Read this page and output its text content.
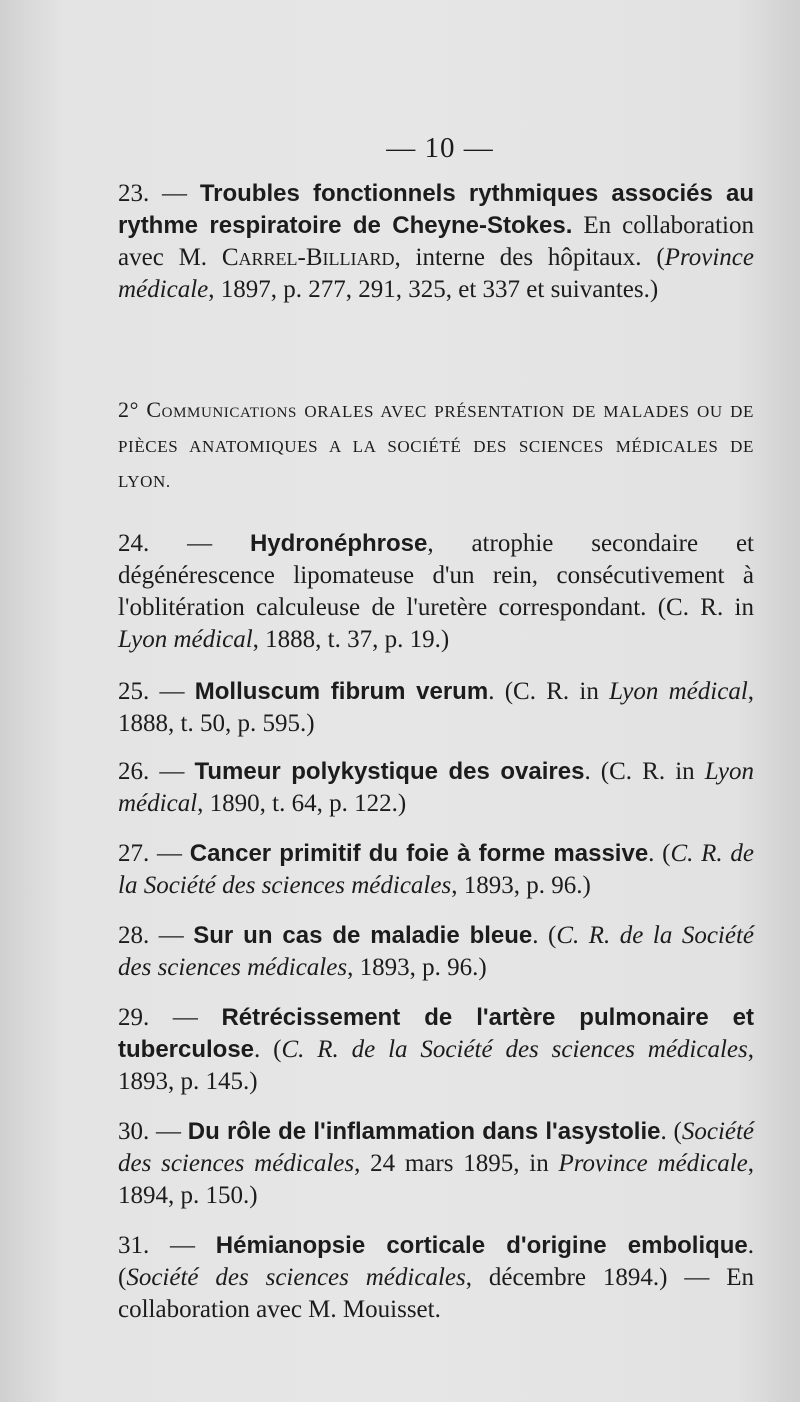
— 10 —
23. — Troubles fonctionnels rythmiques associés au rythme respiratoire de Cheyne-Stokes. En collaboration avec M. Carrel-Billiard, interne des hôpitaux. (Province médicale, 1897, p. 277, 291, 325, et 337 et suivantes.)
2° Communications ORALES AVEC PRÉSENTATION DE MALADES OU DE PIÈCES ANATOMIQUES A LA SOCIÉTÉ DES SCIENCES MÉDICALES DE LYON.
24. — Hydronéphrose, atrophie secondaire et dégénérescence lipomateuse d'un rein, consécutivement à l'oblitération calculeuse de l'uretère correspondant. (C. R. in Lyon médical, 1888, t. 37, p. 19.)
25. — Molluscum fibrum verum. (C. R. in Lyon médical, 1888, t. 50, p. 595.)
26. — Tumeur polykystique des ovaires. (C. R. in Lyon médical, 1890, t. 64, p. 122.)
27. — Cancer primitif du foie à forme massive. (C. R. de la Société des sciences médicales, 1893, p. 96.)
28. — Sur un cas de maladie bleue. (C. R. de la Société des sciences médicales, 1893, p. 96.)
29. — Rétrécissement de l'artère pulmonaire et tuberculose. (C. R. de la Société des sciences médicales, 1893, p. 145.)
30. — Du rôle de l'inflammation dans l'asystolie. (Société des sciences médicales, 24 mars 1895, in Province médicale, 1894, p. 150.)
31. — Hémianopsie corticale d'origine embolique. (Société des sciences médicales, décembre 1894.) — En collaboration avec M. Mouisset.
